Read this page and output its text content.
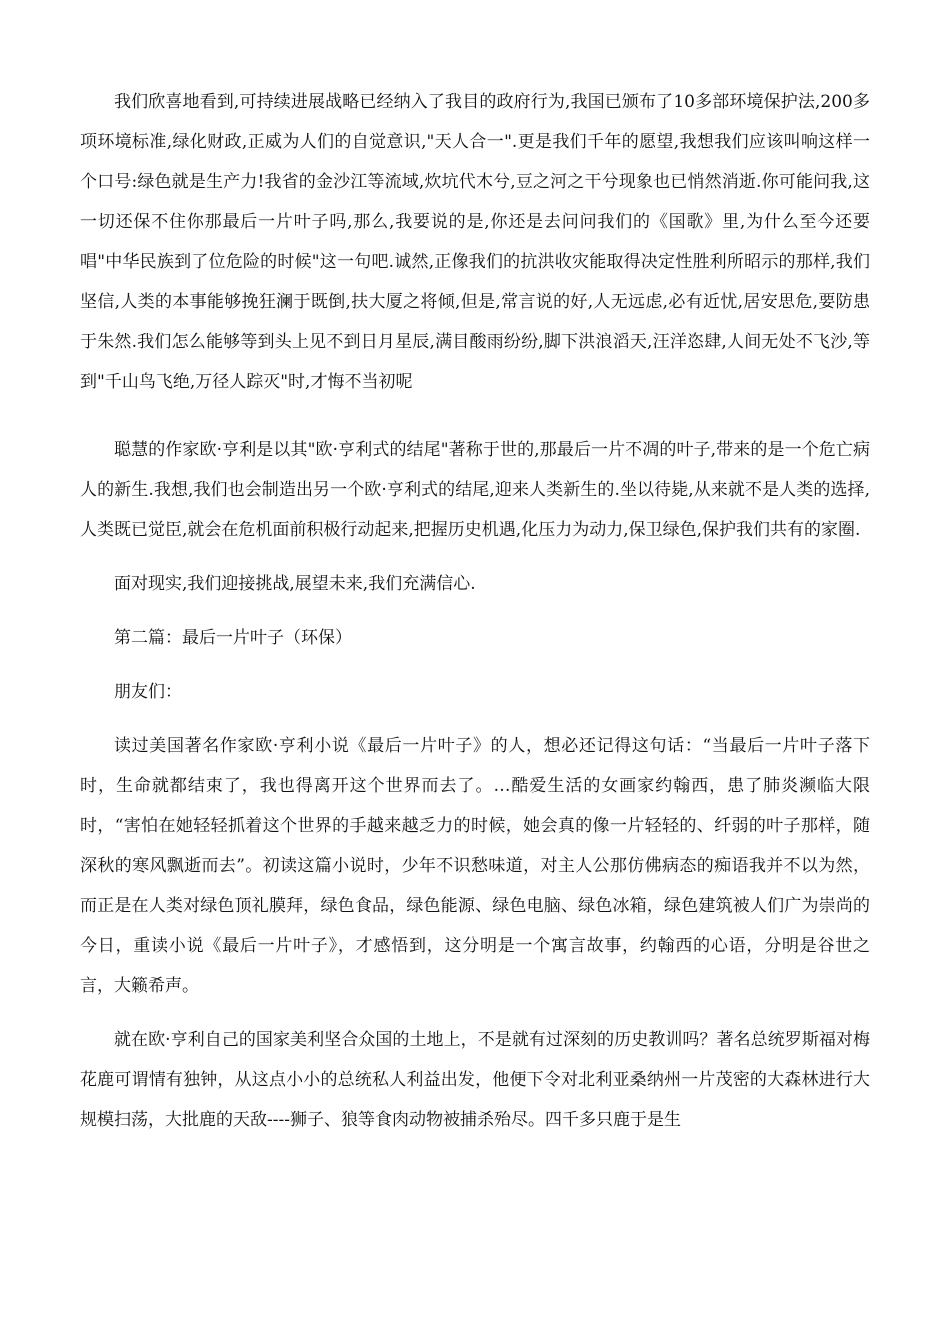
我们欣喜地看到,可持续进展战略已经纳入了我目的政府行为,我国已颁布了10多部环境保护法,200多项环境标准,绿化财政,正威为人们的自觉意识,"天人合一".更是我们千年的愿望,我想我们应该叫响这样一个口号:绿色就是生产力!我省的金沙江等流域,炊坑代木兮,豆之河之干兮现象也已悄然消逝.你可能问我,这一切还保不住你那最后一片叶子吗,那么,我要说的是,你还是去问问我们的《国歌》里,为什么至今还要唱"中华民族到了位危险的时候"这一句吧.诚然,正像我们的抗洪收灾能取得决定性胜利所昭示的那样,我们坚信,人类的本事能够挽狂澜于既倒,扶大厦之将倾,但是,常言说的好,人无远虑,必有近忧,居安思危,要防患于朱然.我们怎么能够等到头上见不到日月星辰,满目酸雨纷纷,脚下洪浪滔天,汪洋恣肆,人间无处不飞沙,等到"千山鸟飞绝,万径人踪灭"时,才悔不当初呢

聪慧的作家欧·亨利是以其"欧·亨利式的结尾"著称于世的,那最后一片不凋的叶子,带来的是一个危亡病人的新生.我想,我们也会制造出另一个欧·亨利式的结尾,迎来人类新生的.坐以待毙,从来就不是人类的选择,人类既已觉臣,就会在危机面前积极行动起来,把握历史机遇,化压力为动力,保卫绿色,保护我们共有的家圈.

面对现实,我们迎接挑战,展望未来,我们充满信心.

第二篇：最后一片叶子（环保）

朋友们：

读过美国著名作家欧·亨利小说《最后一片叶子》的人，想必还记得这句话：“当最后一片叶子落下时，生命就都结束了，我也得离开这个世界而去了。…酷爱生活的女画家约翰西，患了肺炎濒临大限时，“害怕在她轻轻抓着这个世界的手越来越乏力的时候，她会真的像一片轻轻的、纤弱的叶子那样，随深秋的寒风飘逝而去”。初读这篇小说时，少年不识愁味道，对主人公那仿佛病态的痴语我并不以为然，而正是在人类对绿色顶礼膜拜，绿色食品，绿色能源、绿色电脑、绿色冰箱，绿色建筑被人们广为崇尚的今日，重读小说《最后一片叶子》，才感悟到，这分明是一个寓言故事，约翰西的心语，分明是谷世之言，大籁希声。

就在欧·亨利自己的国家美利坚合众国的土地上，不是就有过深刻的历史教训吗？著名总统罗斯福对梅花鹿可谓情有独钟，从这点小小的总统私人利益出发，他便下令对北利亚桑纳州一片茂密的大森林进行大规模扫荡，大批鹿的天敌----狮子、狼等食肉动物被捕杀殆尽。四千多只鹿于是生
